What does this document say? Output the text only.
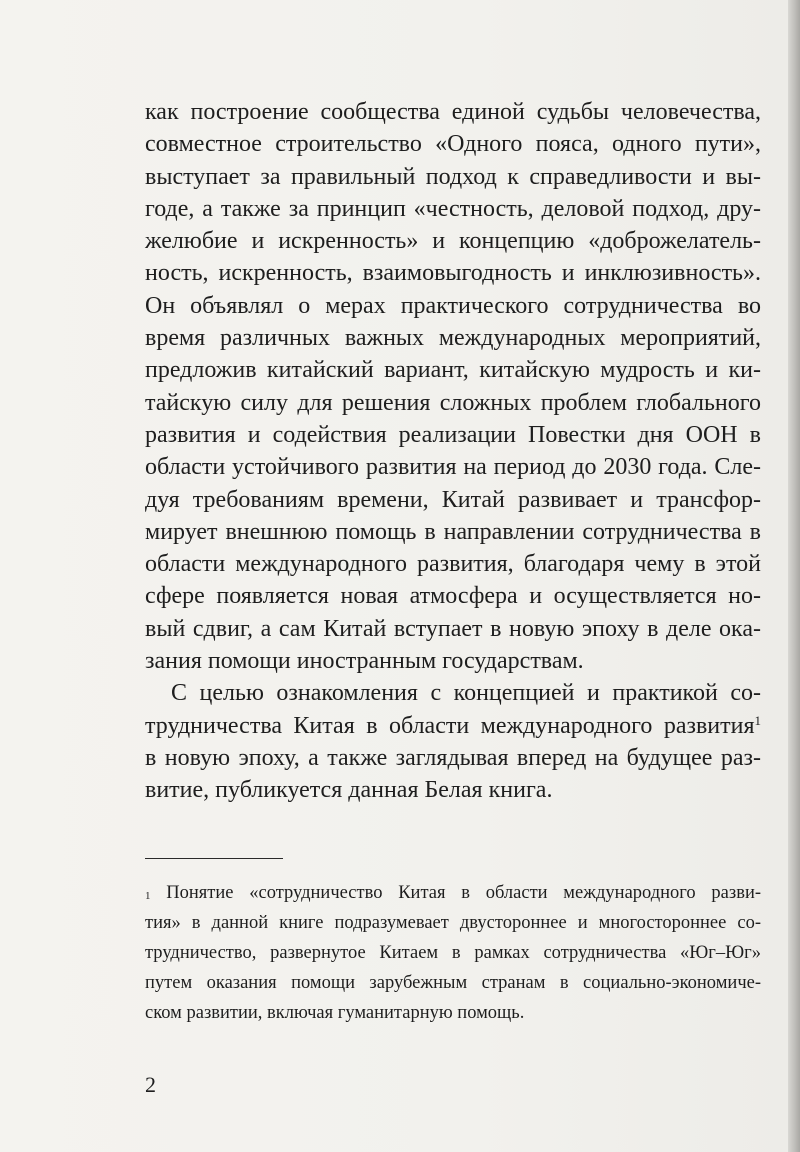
как построение сообщества единой судьбы человечества,

совместное строительство «Одного пояса, одного пути»,

выступает за правильный подход к справедливости и вы-

годе, а также за принцип «честность, деловой подход, дру-

желюбие и искренность» и концепцию «доброжелатель-

ность, искренность, взаимовыгодность и инклюзивность».

Он объявлял о мерах практического сотрудничества во

время различных важных международных мероприятий,

предложив китайский вариант, китайскую мудрость и ки-

тайскую силу для решения сложных проблем глобального

развития и содействия реализации Повестки дня ООН в

области устойчивого развития на период до 2030 года. Сле-

дуя требованиям времени, Китай развивает и трансфор-

мирует внешнюю помощь в направлении сотрудничества в

области международного развития, благодаря чему в этой

сфере появляется новая атмосфера и осуществляется но-

вый сдвиг, а сам Китай вступает в новую эпоху в деле ока-

зания помощи иностранным государствам.

С целью ознакомления с концепцией и практикой со-

трудничества Китая в области международного развития$^1$

в новую эпоху, а также заглядывая вперед на будущее раз-

витие, публикуется данная Белая книга.

$^1$ Понятие «сотрудничество Китая в области международного разви-

тия» в данной книге подразумевает двустороннее и многостороннее со-

трудничество, развернутое Китаем в рамках сотрудничества «Юг–Юг»

путем оказания помощи зарубежным странам в социально-экономиче-

ском развитии, включая гуманитарную помощь.

2
